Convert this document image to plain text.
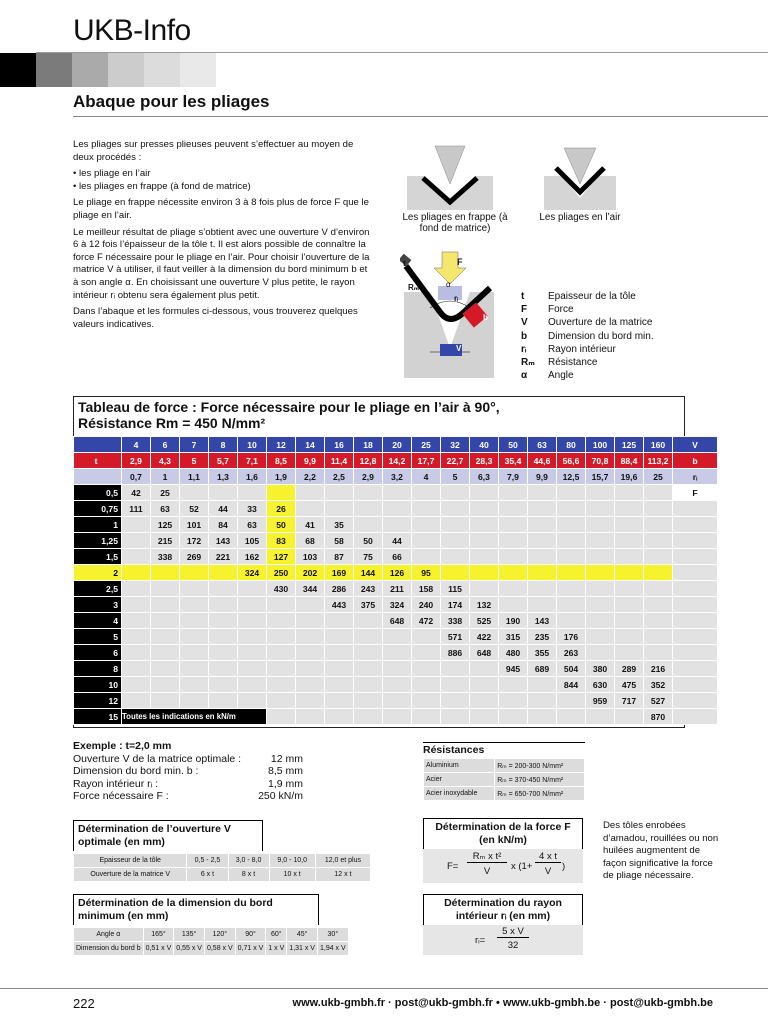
UKB-Info
Abaque pour les pliages

Les pliages sur presses plieuses peuvent s’effectuer au moyen de deux procédés :

• les pliage en l’air

• les pliages en frappe (à fond de matrice)

Le pliage en frappe nécessite environ 3 à 8 fois plus de force F que le pliage en l’air.

Le meilleur résultat de pliage s’obtient avec une ouverture V d’environ 6 à 12 fois l’épaisseur de la tôle t. Il est alors possible de connaître la force F nécessaire pour le pliage en l’air. Pour choisir l’ouverture de la matrice V à utiliser, il faut veiller à la dimension du bord minimum b et à son angle α. En choisissant une ouverture V plus petite, le rayon intérieur rᵢ obtenu sera également plus petit.

Dans l’abaque et les formules ci-dessous, vous trouverez quelques valeurs indicatives.

Les pliages en frappe (à fond de matrice)
Les pliages en l’air
F
α
rᵢ
Rₘ
t
b
V
t Epaisseur de la tôle
F Force
V Ouverture de la matrice
b Dimension du bord min.
rᵢ Rayon intérieur
Rₘ Résistance
α Angle
Tableau de force : Force nécessaire pour le pliage en l’air à 90°,
Résistance Rm = 450 N/mm²
	4	6	7	8	10	12	14	16	18	20	25	32	40	50	63	80	100	125	160	V
t	2,9	4,3	5	5,7	7,1	8,5	9,9	11,4	12,8	14,2	17,7	22,7	28,3	35,4	44,6	56,6	70,8	88,4	113,2	b
	0,7	1	1,1	1,3	1,6	1,9	2,2	2,5	2,9	3,2	4	5	6,3	7,9	9,9	12,5	15,7	19,6	25	rᵢ
0,5	42	25																		F
0,75	111	63	52	44	33	26														
1		125	101	84	63	50	41	35												
1,25		215	172	143	105	83	68	58	50	44										
1,5		338	269	221	162	127	103	87	75	66										
2					324	250	202	169	144	126	95									
2,5						430	344	286	243	211	158	115								
3								443	375	324	240	174	132							
4										648	472	338	525	190	143					
5												571	422	315	235	176				
6												886	648	480	355	263				
8														945	689	504	380	289	216	
10																844	630	475	352	
12																	959	717	527	
15	Toutes les indications en kN/m																		870	
Exemple : t=2,0 mm
Ouverture V de la matrice optimale :	12 mm
Dimension du bord min. b :	8,5 mm
Rayon intérieur rᵢ :	1,9 mm
Force nécessaire F :	250 kN/m
Résistances
Aluminium	Rₘ = 200-300 N/mm²
Acier	Rₘ = 370-450 N/mm²
Acier inoxydable	Rₘ = 650-700 N/mm²
Détermination de l’ouverture V optimale (en mm)
Epaisseur de la tôle	0,5 - 2,5	3,0 - 8,0	9,0 - 10,0	12,0 et plus
Ouverture de la matrice V	6 x t	8 x t	10 x t	12 x t
Détermination de la dimension du bord minimum (en mm)
Angle α	165°	135°	120°	90°	60°	45°	30°
Dimension du bord b	0,51 x V	0,55 x V	0,58 x V	0,71 x V	1 x V	1,31 x V	1,94 x V
Détermination de la force F (en kN/m)
F=
Rₘ x t²
V	x (1+
4 x t
V	)
Détermination du rayon intérieur rᵢ (en mm)
rᵢ=
5 x V
32
Des tôles enrobées d’amadou, rouillées ou non huilées augmentent de façon significative la force de pliage nécessaire.
222	www.ukb-gmbh.fr · post@ukb-gmbh.fr • www.ukb-gmbh.be · post@ukb-gmbh.be
